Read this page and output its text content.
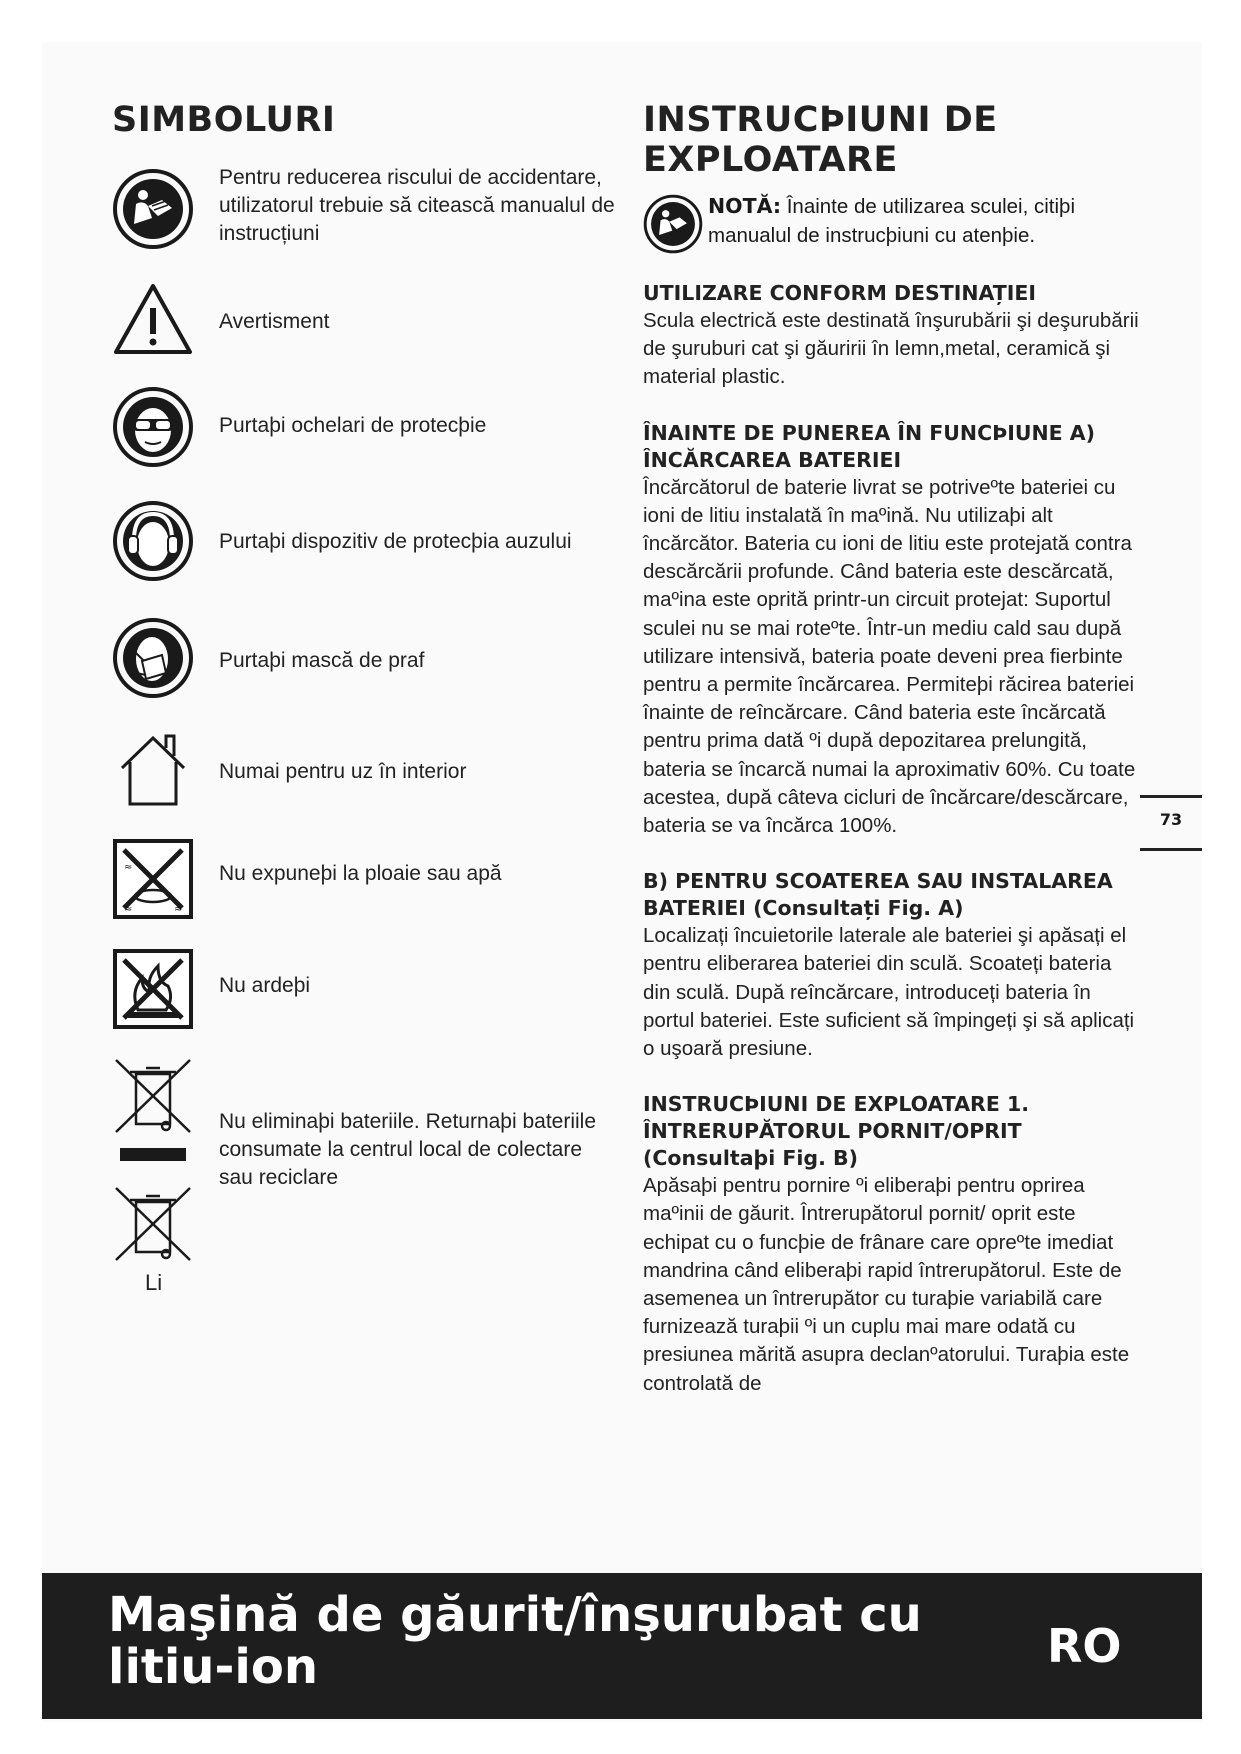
SIMBOLURI
Pentru reducerea riscului de accidentare, utilizatorul trebuie să citească manualul de instrucțiuni
Avertisment
Purtaþi ochelari de protecþie
Purtaþi dispozitiv de protecþia auzului
Purtaþi mască de praf
Numai pentru uz în interior
≈	≈
≈	Nu expuneþi la ploaie sau apă
Nu ardeþi
Nu eliminaþi bateriile. Returnaþi bateriile consumate la centrul local de colectare sau reciclare
Li
INSTRUCÞIUNI DE EXPLOATARE
NOTĂ: Înainte de utilizarea sculei, citiþi manualul de instrucþiuni cu atenþie.

UTILIZARE CONFORM DESTINAȚIEI

Scula electrică este destinată înşurubării şi deşurubării de şuruburi cat şi găuririi în lemn,metal, ceramică şi material plastic.

ÎNAINTE DE PUNEREA ÎN FUNCÞIUNE A) ÎNCĂRCAREA BATERIEI

Încărcătorul de baterie livrat se potriveºte bateriei cu ioni de litiu instalată în maºină. Nu utilizaþi alt încărcător. Bateria cu ioni de litiu este protejată contra descărcării profunde. Când bateria este descărcată, maºina este oprită printr-un circuit protejat: Suportul sculei nu se mai roteºte. Într-un mediu cald sau după utilizare intensivă, bateria poate deveni prea fierbinte pentru a permite încărcarea. Permiteþi răcirea bateriei înainte de reîncărcare. Când bateria este încărcată pentru prima dată ºi după depozitarea prelungită, bateria se încarcă numai la aproximativ 60%. Cu toate acestea, după câteva cicluri de încărcare/descărcare, bateria se va încărca 100%.

B) PENTRU SCOATEREA SAU INSTALAREA BATERIEI (Consultați Fig. A)

Localizați încuietorile laterale ale bateriei şi apăsați el pentru eliberarea bateriei din sculă. Scoateți bateria din sculă. După reîncărcare, introduceți bateria în portul bateriei. Este suficient să împingeți şi să aplicați o uşoară presiune.

INSTRUCÞIUNI DE EXPLOATARE 1. ÎNTRERUPĂTORUL PORNIT/OPRIT (Consultaþi Fig. B)

Apăsaþi pentru pornire ºi eliberaþi pentru oprirea maºinii de găurit. Întrerupătorul pornit/ oprit este echipat cu o funcþie de frânare care opreºte imediat mandrina când eliberaþi rapid întrerupătorul. Este de asemenea un întrerupător cu turaþie variabilă care furnizează turaþii ºi un cuplu mai mare odată cu presiunea mărită asupra declanºatorului. Turaþia este controlată de

73
Maşină de găurit/înşurubat cu litiu-ion	RO
